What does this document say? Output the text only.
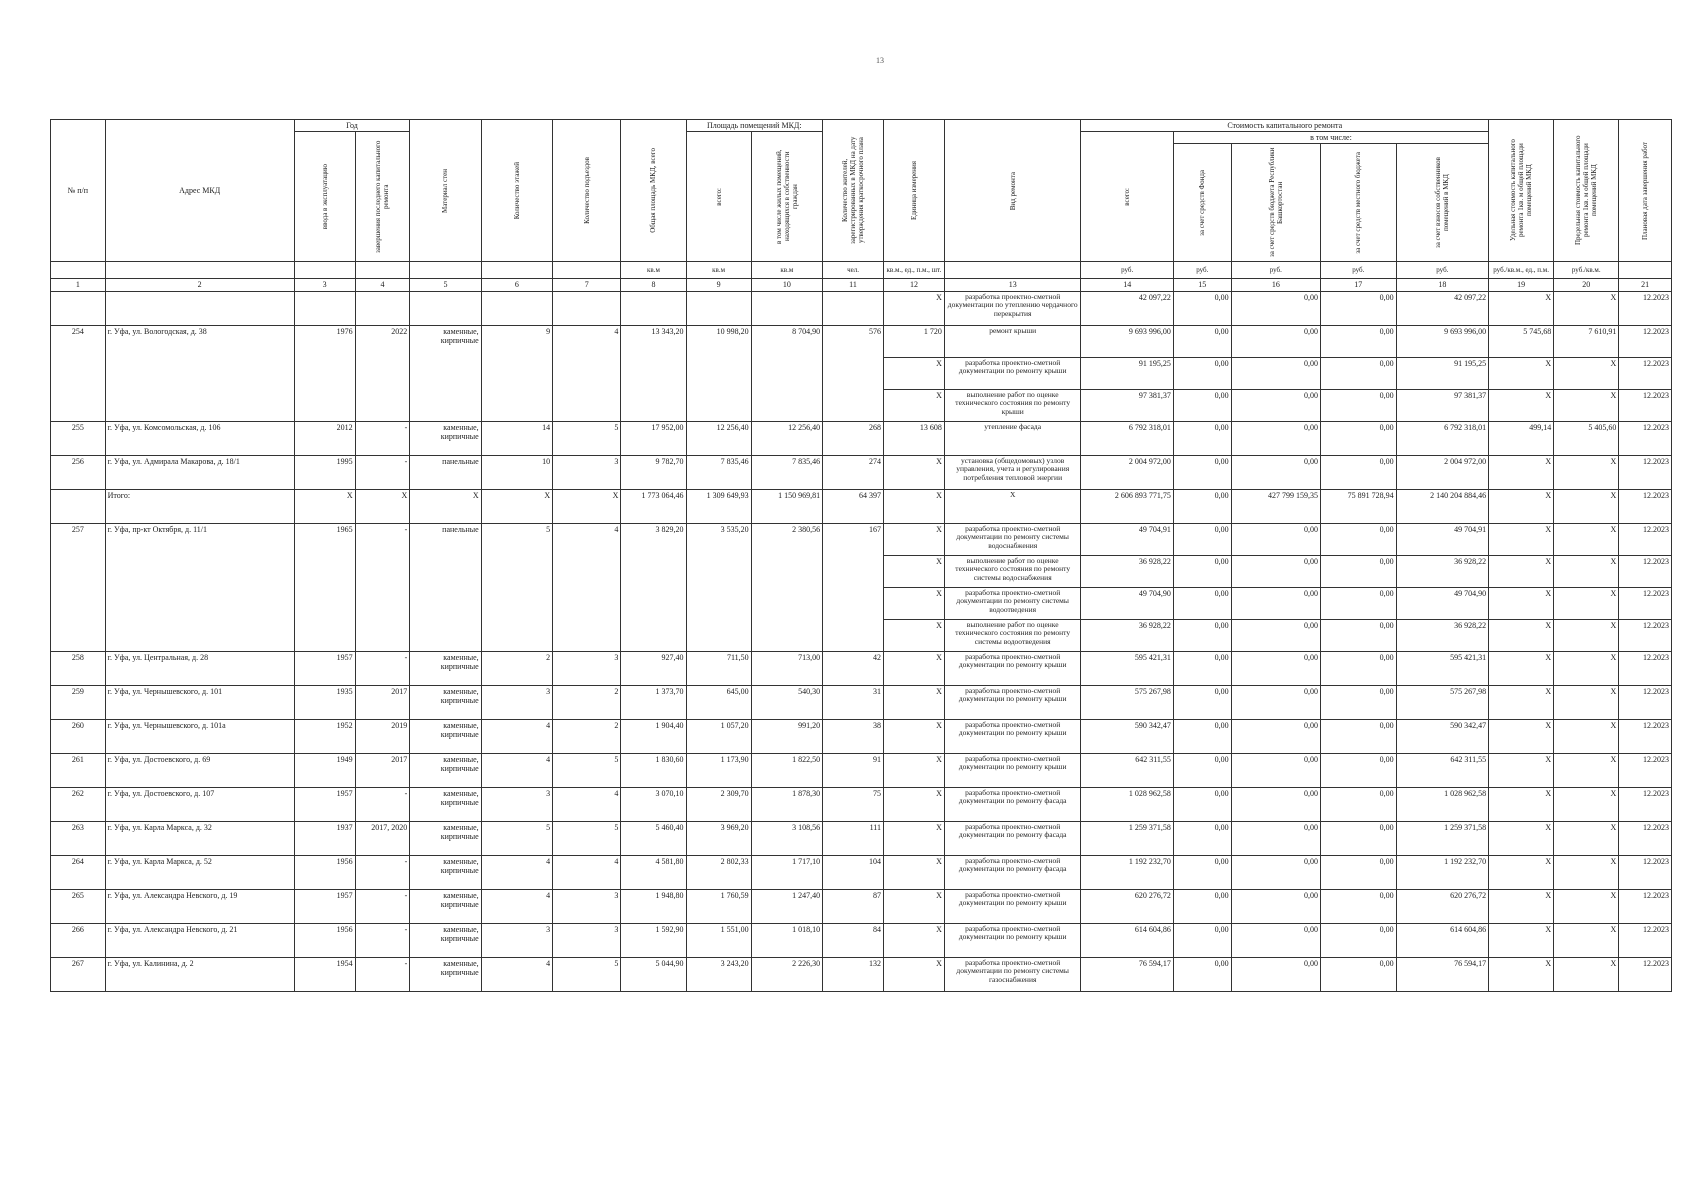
13
№ п/п	Адрес МКД	Год		Материал стен	Количество этажей	Количество подъездов	Общая площадь МКД, всего	Площадь помещений МКД:		Количество жителей, зарегистрированных в МКД на дату утверждения краткосрочного плана	Единица измерения	Вид ремонта	Стоимость капитального ремонта					Удельная стоимость капитального ремонта 1кв. м общей площади помещений МКД	Предельная стоимость капитального ремонта 1кв. м общей площади помещений МКД	Плановая дата завершения работ

		ввода в эксплуатацию	завершения последнего капитального ремонта					всего:	в том числе жилых помещений, находящихся в собственности граждан				всего:	в том числе:						

														за счет средств Фонда	за счет средств бюджета Республики Башкортостан	за счет средств местного бюджета	за счет взносов собственников помещений в МКД			

							кв.м	кв.м	кв.м	чел.	кв.м., ед., п.м., шт.		руб.	руб.	руб.	руб.	руб.	руб./кв.м., ед., п.м.	руб./кв.м.	
1	2	3	4	5	6	7	8	9	10	11	12	13	14	15	16	17	18	19	20	21
											X	разработка проектно-сметной документации по утеплению чердачного перекрытия	42 097,22	0,00	0,00	0,00	42 097,22	X	X	12.2023
254	г. Уфа, ул. Вологодская, д. 38	1976	2022	каменные, кирпичные	9	4	13 343,20	10 998,20	8 704,90	576	1 720	ремонт крыши	9 693 996,00	0,00	0,00	0,00	9 693 996,00	5 745,68	7 610,91	12.2023
											X	разработка проектно-сметной документации по ремонту крыши	91 195,25	0,00	0,00	0,00	91 195,25	X	X	12.2023
											X	выполнение работ по оценке технического состояния по ремонту крыши	97 381,37	0,00	0,00	0,00	97 381,37	X	X	12.2023
255	г. Уфа, ул. Комсомольская, д. 106	2012	-	каменные, кирпичные	14	5	17 952,00	12 256,40	12 256,40	268	13 608	утепление фасада	6 792 318,01	0,00	0,00	0,00	6 792 318,01	499,14	5 405,60	12.2023
256	г. Уфа, ул. Адмирала Макарова, д. 18/1	1995	-	панельные	10	3	9 782,70	7 835,46	7 835,46	274	X	установка (общедомовых) узлов управления, учета и регулирования потребления тепловой энергии	2 004 972,00	0,00	0,00	0,00	2 004 972,00	X	X	12.2023
	Итого:	X	X	X	X	X	1 773 064,46	1 309 649,93	1 150 969,81	64 397	X	X	2 606 893 771,75	0,00	427 799 159,35	75 891 728,94	2 140 204 884,46	X	X	12.2023
257	г. Уфа, пр-кт Октября, д. 11/1	1965	-	панельные	5	4	3 829,20	3 535,20	2 380,56	167	X	разработка проектно-сметной документации по ремонту системы водоснабжения	49 704,91	0,00	0,00	0,00	49 704,91	X	X	12.2023
											X	выполнение работ по оценке технического состояния по ремонту системы водоснабжения	36 928,22	0,00	0,00	0,00	36 928,22	X	X	12.2023
											X	разработка проектно-сметной документации по ремонту системы водоотведения	49 704,90	0,00	0,00	0,00	49 704,90	X	X	12.2023
											X	выполнение работ по оценке технического состояния по ремонту системы водоотведения	36 928,22	0,00	0,00	0,00	36 928,22	X	X	12.2023
258	г. Уфа, ул. Центральная, д. 28	1957	-	каменные, кирпичные	2	3	927,40	711,50	713,00	42	X	разработка проектно-сметной документации по ремонту крыши	595 421,31	0,00	0,00	0,00	595 421,31	X	X	12.2023
259	г. Уфа, ул. Чернышевского, д. 101	1935	2017	каменные, кирпичные	3	2	1 373,70	645,00	540,30	31	X	разработка проектно-сметной документации по ремонту крыши	575 267,98	0,00	0,00	0,00	575 267,98	X	X	12.2023
260	г. Уфа, ул. Чернышевского, д. 101а	1952	2019	каменные, кирпичные	4	2	1 904,40	1 057,20	991,20	38	X	разработка проектно-сметной документации по ремонту крыши	590 342,47	0,00	0,00	0,00	590 342,47	X	X	12.2023
261	г. Уфа, ул. Достоевского, д. 69	1949	2017	каменные, кирпичные	4	5	1 830,60	1 173,90	1 822,50	91	X	разработка проектно-сметной документации по ремонту крыши	642 311,55	0,00	0,00	0,00	642 311,55	X	X	12.2023
262	г. Уфа, ул. Достоевского, д. 107	1957	-	каменные, кирпичные	3	4	3 070,10	2 309,70	1 878,30	75	X	разработка проектно-сметной документации по ремонту фасада	1 028 962,58	0,00	0,00	0,00	1 028 962,58	X	X	12.2023
263	г. Уфа, ул. Карла Маркса, д. 32	1937	2017, 2020	каменные, кирпичные	5	5	5 460,40	3 969,20	3 108,56	111	X	разработка проектно-сметной документации по ремонту фасада	1 259 371,58	0,00	0,00	0,00	1 259 371,58	X	X	12.2023
264	г. Уфа, ул. Карла Маркса, д. 52	1956	-	каменные, кирпичные	4	4	4 581,80	2 802,33	1 717,10	104	X	разработка проектно-сметной документации по ремонту фасада	1 192 232,70	0,00	0,00	0,00	1 192 232,70	X	X	12.2023
265	г. Уфа, ул. Александра Невского, д. 19	1957	-	каменные, кирпичные	4	3	1 948,80	1 760,59	1 247,40	87	X	разработка проектно-сметной документации по ремонту крыши	620 276,72	0,00	0,00	0,00	620 276,72	X	X	12.2023
266	г. Уфа, ул. Александра Невского, д. 21	1956	-	каменные, кирпичные	3	3	1 592,90	1 551,00	1 018,10	84	X	разработка проектно-сметной документации по ремонту крыши	614 604,86	0,00	0,00	0,00	614 604,86	X	X	12.2023
267	г. Уфа, ул. Калинина, д. 2	1954	-	каменные, кирпичные	4	5	5 044,90	3 243,20	2 226,30	132	X	разработка проектно-сметной документации по ремонту системы газоснабжения	76 594,17	0,00	0,00	0,00	76 594,17	X	X	12.2023
